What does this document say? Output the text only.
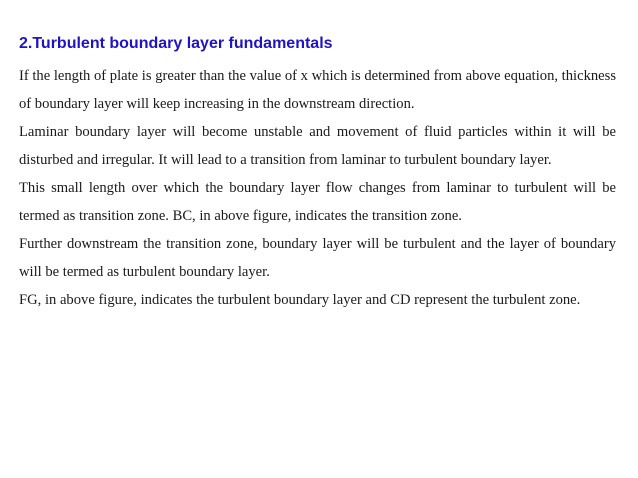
2.Turbulent boundary layer fundamentals

If the length of plate is greater than the value of x which is determined from above equation, thickness of boundary layer will keep increasing in the downstream direction.

Laminar boundary layer will become unstable and movement of fluid particles within it will be disturbed and irregular. It will lead to a transition from laminar to turbulent boundary layer.

This small length over which the boundary layer flow changes from laminar to turbulent will be termed as transition zone. BC, in above figure, indicates the transition zone.

Further downstream the transition zone, boundary layer will be turbulent and the layer of boundary will be termed as turbulent boundary layer.

FG, in above figure, indicates the turbulent boundary layer and CD represent the turbulent zone.
